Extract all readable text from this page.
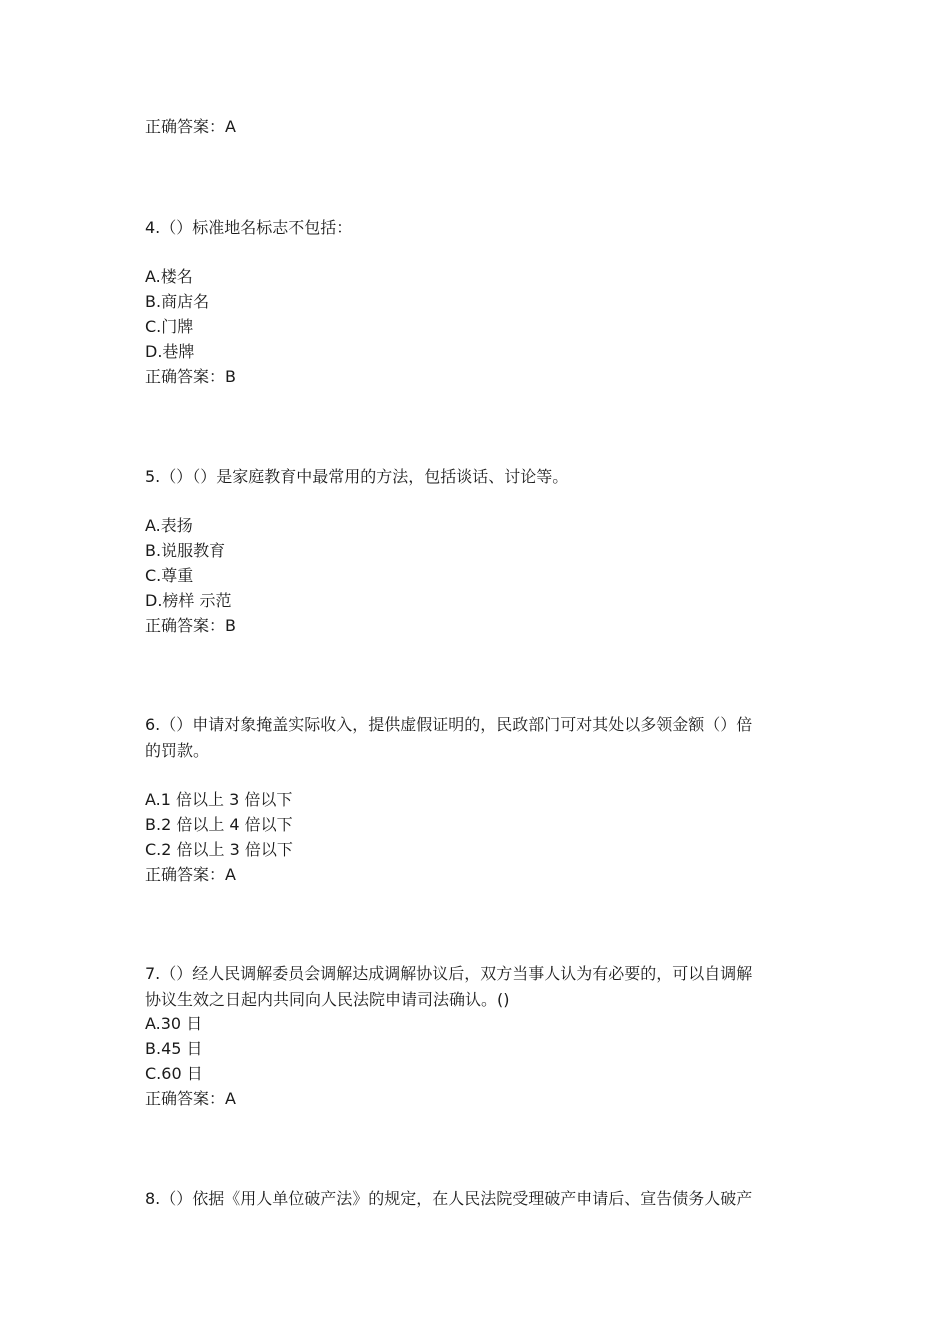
正确答案：A
4.（）标准地名标志不包括：
A.楼名
B.商店名
C.门牌
D.巷牌
正确答案：B
5.（）（）是家庭教育中最常用的方法，包括谈话、讨论等。
A.表扬
B.说服教育
C.尊重
D.榜样 示范
正确答案：B
6.（）申请对象掩盖实际收入，提供虚假证明的，民政部门可对其处以多领金额（）倍
的罚款。
A.1 倍以上 3 倍以下
B.2 倍以上 4 倍以下
C.2 倍以上 3 倍以下
正确答案：A
7.（）经人民调解委员会调解达成调解协议后，双方当事人认为有必要的，可以自调解
协议生效之日起内共同向人民法院申请司法确认。()
A.30 日
B.45 日
C.60 日
正确答案：A
8.（）依据《用人单位破产法》的规定，在人民法院受理破产申请后、宣告债务人破产
